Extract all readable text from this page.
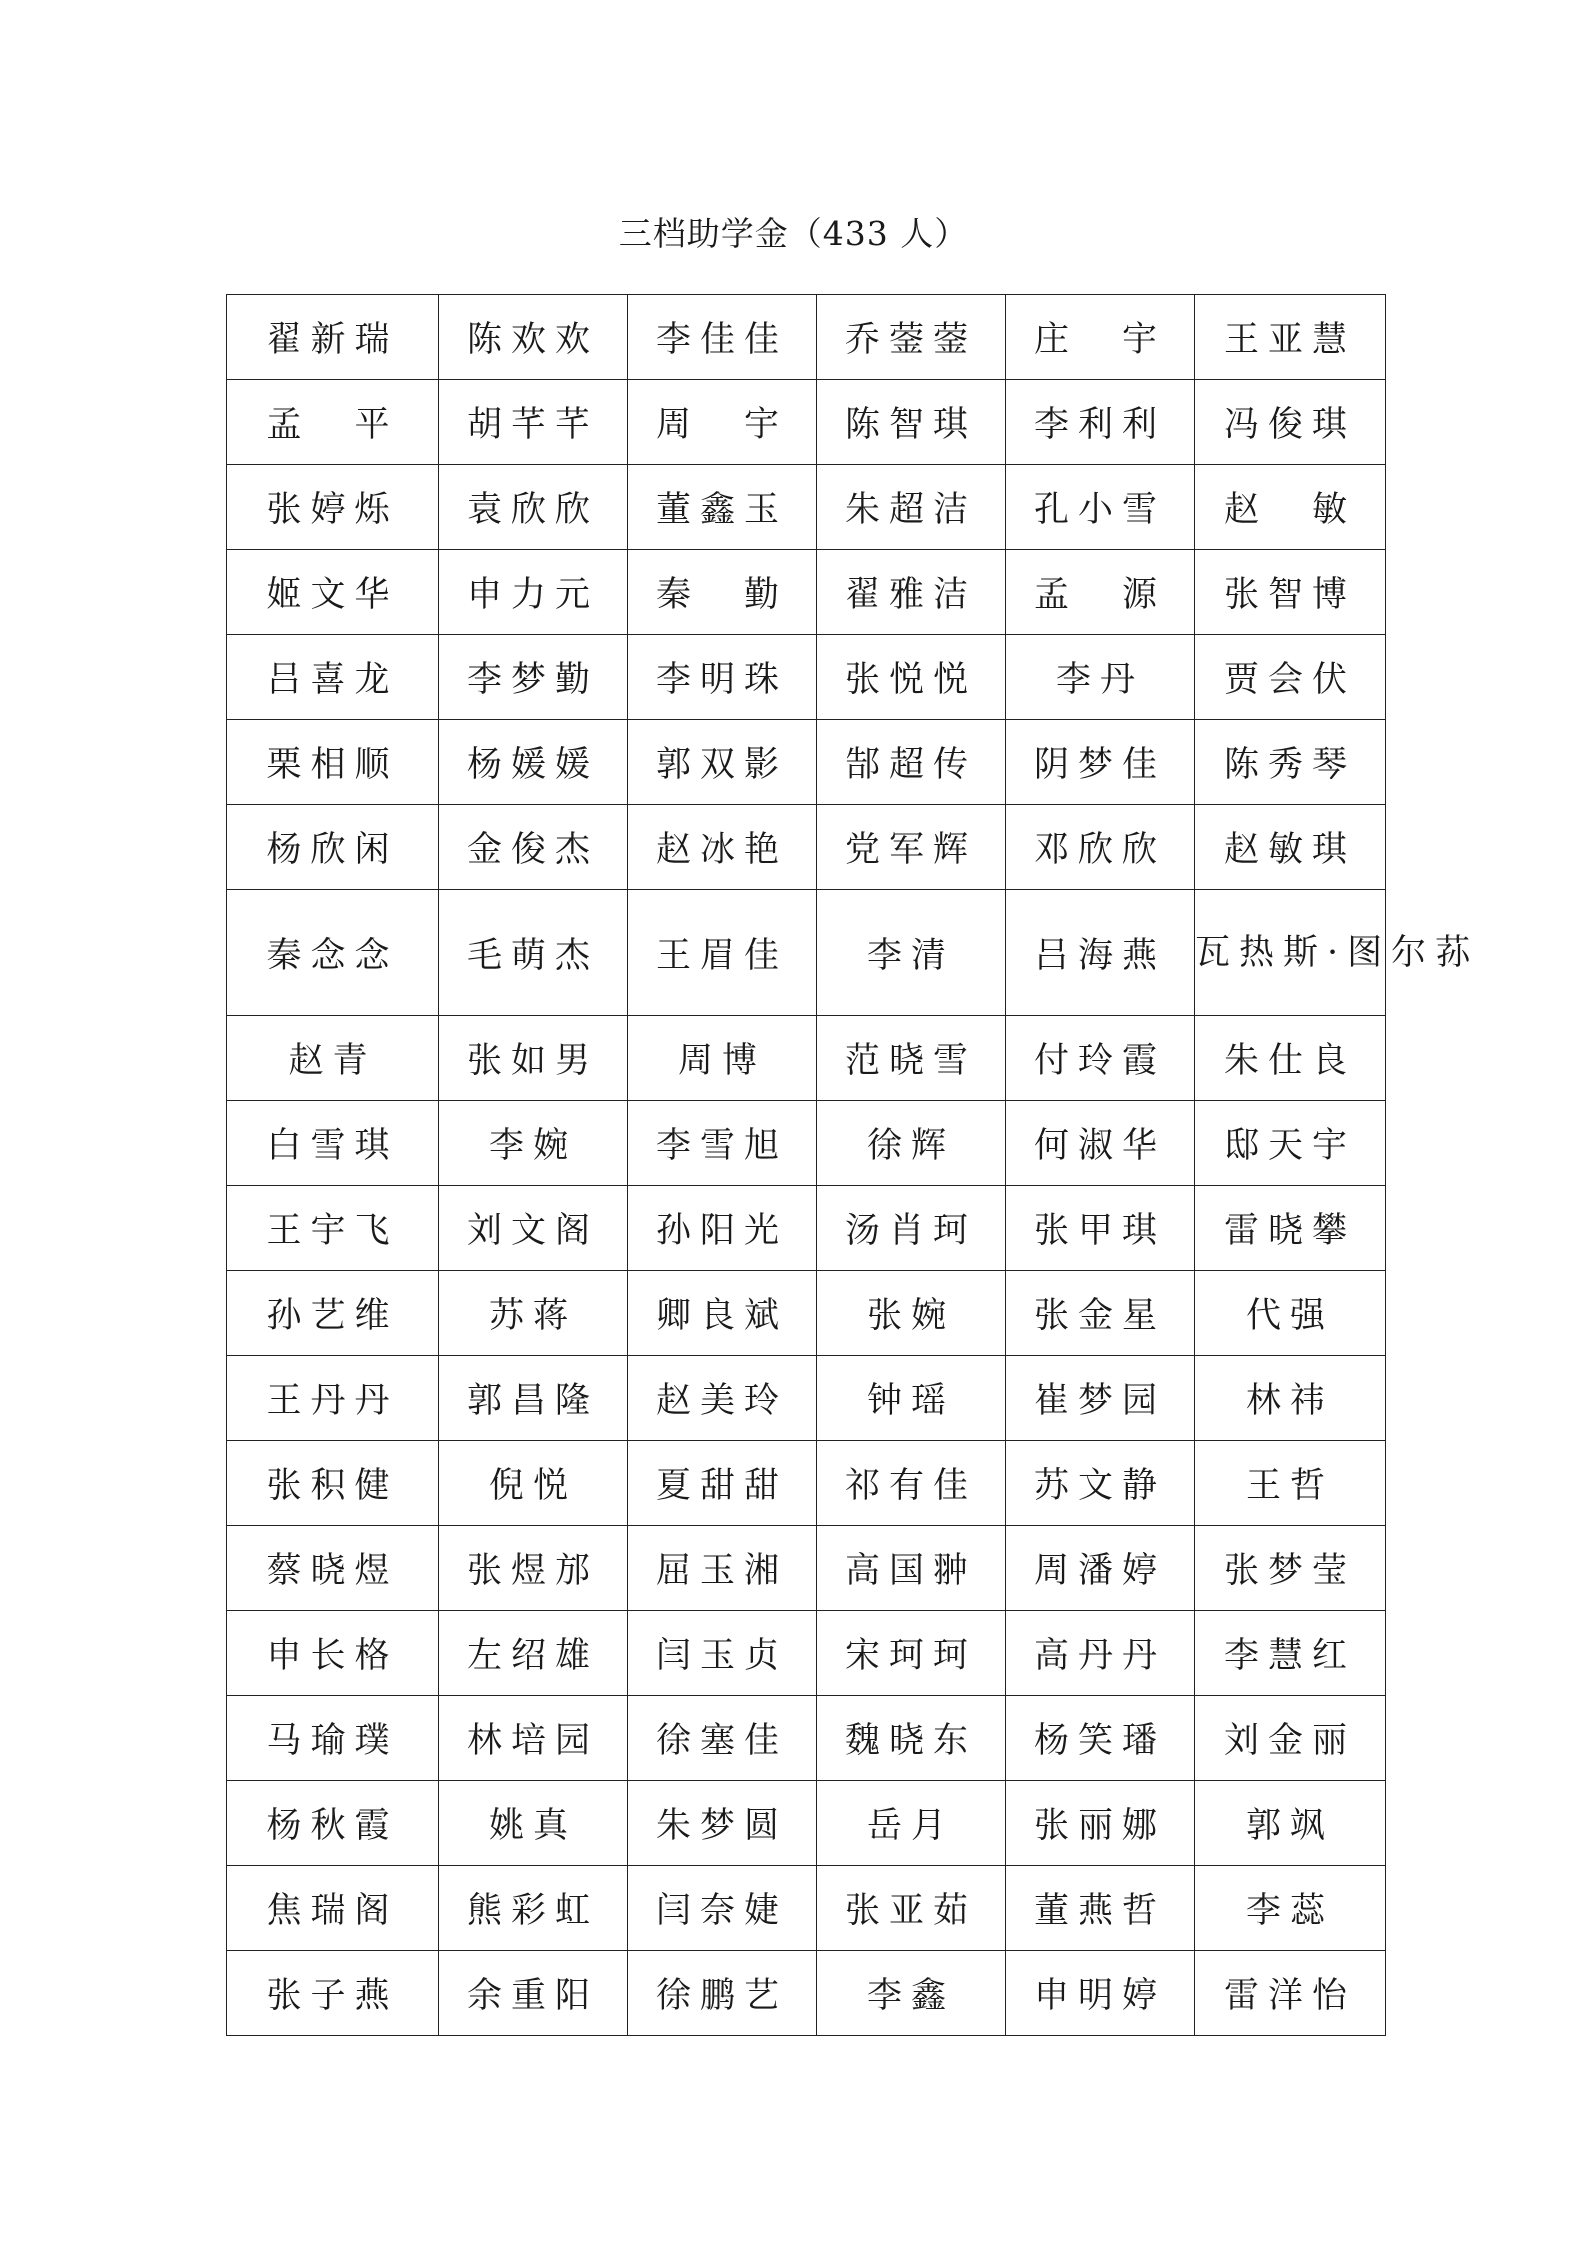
三档助学金（433 人）
翟新瑞	陈欢欢	李佳佳	乔蓥蓥	庄　宇	王亚慧
孟　平	胡芊芊	周　宇	陈智琪	李利利	冯俊琪
张婷烁	袁欣欣	董鑫玉	朱超洁	孔小雪	赵　敏
姬文华	申力元	秦　勤	翟雅洁	孟　源	张智博
吕喜龙	李梦勤	李明珠	张悦悦	李丹	贾会伏
栗相顺	杨媛媛	郭双影	郜超传	阴梦佳	陈秀琴
杨欣闲	金俊杰	赵冰艳	党军辉	邓欣欣	赵敏琪
秦念念	毛萌杰	王眉佳	李清	吕海燕	瓦热斯·图尔荪
赵青	张如男	周博	范晓雪	付玲霞	朱仕良
白雪琪	李婉	李雪旭	徐辉	何淑华	邸天宇
王宇飞	刘文阁	孙阳光	汤肖珂	张甲琪	雷晓攀
孙艺维	苏蒋	卿良斌	张婉	张金星	代强
王丹丹	郭昌隆	赵美玲	钟瑶	崔梦园	林祎
张积健	倪悦	夏甜甜	祁有佳	苏文静	王哲
蔡晓煜	张煜邡	屈玉湘	高国翀	周潘婷	张梦莹
申长格	左绍雄	闫玉贞	宋珂珂	高丹丹	李慧红
马瑜璞	林培园	徐塞佳	魏晓东	杨笑璠	刘金丽
杨秋霞	姚真	朱梦圆	岳月	张丽娜	郭飒
焦瑞阁	熊彩虹	闫奈婕	张亚茹	董燕哲	李蕊
张子燕	余重阳	徐鹏艺	李鑫	申明婷	雷洋怡
